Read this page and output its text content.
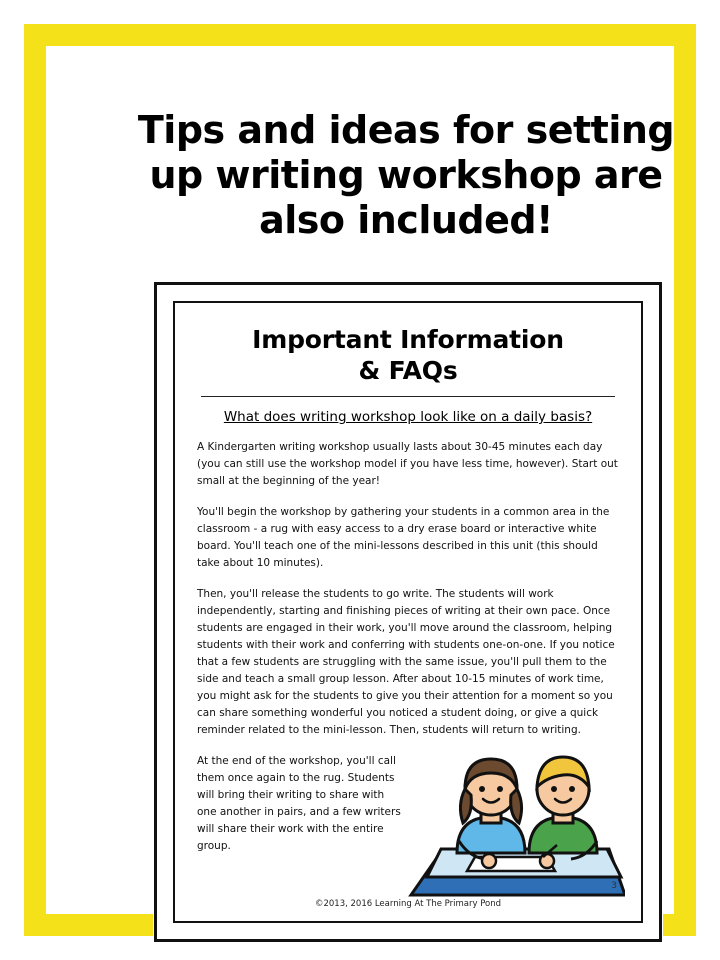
Tips and ideas for setting up writing workshop are also included!
Important Information
& FAQs
What does writing workshop look like on a daily basis?

A Kindergarten writing workshop usually lasts about 30-45 minutes each day (you can still use the workshop model if you have less time, however). Start out small at the beginning of the year!

You'll begin the workshop by gathering your students in a common area in the classroom - a rug with easy access to a dry erase board or interactive white board. You'll teach one of the mini-lessons described in this unit (this should take about 10 minutes).

Then, you'll release the students to go write. The students will work independently, starting and finishing pieces of writing at their own pace. Once students are engaged in their work, you'll move around the classroom, helping students with their work and conferring with students one-on-one. If you notice that a few students are struggling with the same issue, you'll pull them to the side and teach a small group lesson. After about 10-15 minutes of work time, you might ask for the students to give you their attention for a moment so you can share something wonderful you noticed a student doing, or give a quick reminder related to the mini-lesson. Then, students will return to writing.

At the end of the workshop, you'll call them once again to the rug. Students will bring their writing to share with one another in pairs, and a few writers will share their work with the entire group.

3
©2013, 2016 Learning At The Primary Pond
